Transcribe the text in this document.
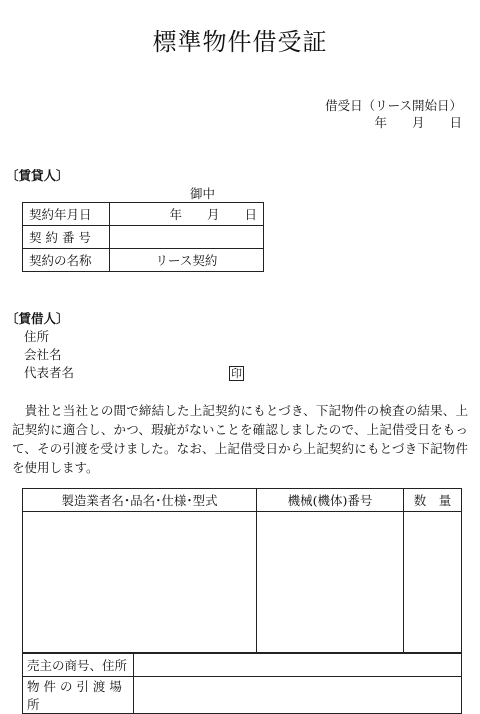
標準物件借受証
借受日（リース開始日）
年　　月　　日
〔賃貸人〕
御中
契約年月日	年　　月　　日
契 約 番 号	
契約の名称	リース契約
〔賃借人〕
住所
会社名
代表者名	印
　貴社と当社との間で締結した上記契約にもとづき、下記物件の検査の結果、上記契約に適合し、かつ、瑕疵がないことを確認しましたので、上記借受日をもって、その引渡を受けました。なお、上記借受日から上記契約にもとづき下記物件を使用します。
製造業者名･品名･仕様･型式	機械(機体)番号	数　量

売主の商号、住所	
物 件 の 引 渡 場 所	
